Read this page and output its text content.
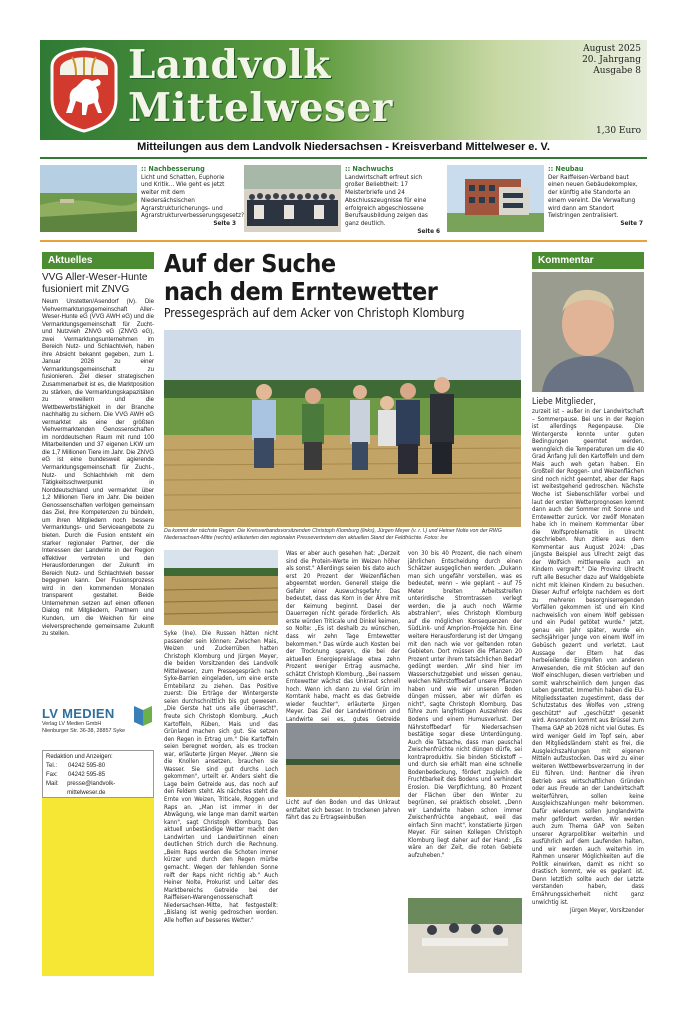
Landvolk
Mittelweser
August 2025
20. Jahrgang
Ausgabe 8
1,30 Euro
Mitteilungen aus dem Landvolk Niedersachsen - Kreisverband Mittelweser e. V.
:: Nachbesserung
Licht und Schatten, Euphorie und Kritik... Wie geht es jetzt weiter mit dem Niedersächsischen Agrarstrukturicherungs- und Agrarstrukturverbesserungsgesetz?
Seite 3
:: Nachwuchs
Landwirtschaft erfreut sich großer Beliebtheit: 17 Meisterbriefe und 24 Abschlusszeugnisse für eine erfolgreich abgeschlossene Berufsausbildung zeigen das ganz deutlich.
Seite 6
:: Neubau
Der Raiffeisen-Verband baut einen neuen Gebäudekomplex, der künftig alle Standorte an einem vereint. Die Verwaltung wird dann am Standort Twistringen zentralisiert.
Seite 7
Aktuelles
VVG Aller-Weser-Hunte fusioniert mit ZNVG
Neum Unstetten/Asendorf (lv). Die Viehvermarktungsgemeinschaft Aller-Weser-Hunte eG (VVG AWH eG) und die Vermarktungsgemeinschaft für Zucht- und Nutzvieh ZNVG eG (ZNVG eG), zwei Vermarktungsunternehmen im Bereich Nutz- und Schlachtvieh, haben ihre Absicht bekannt gegeben, zum 1. Januar 2026 zu einer Vermarktungsgemeinschaft zu fusionieren. Ziel dieser strategischen Zusammenarbeit ist es, die Marktposition zu stärken, die Vermarktungskapazitäten zu erweitern und die Wettbewerbsfähigkeit in der Branche nachhaltig zu sichern. Die VVG AWH eG vermarktet als eine der größten Viehvermarktenden Genossenschaften im norddeutschen Raum mit rund 100 Mitarbeitenden und 37 eigenen LKW um die 1,7 Millionen Tiere im Jahr. Die ZNVG eG ist eine bundesweit agierende Vermarktungsgemeinschaft für Zucht-, Nutz- und Schlachtvieh mit dem Tätigkeitsschwerpunkt in Norddeutschland und vermarktet über 1,2 Millionen Tiere im Jahr. Die beiden Genossenschaften verfolgen gemeinsam das Ziel, ihre Kompetenzen zu bündeln, um ihren Mitgliedern noch bessere Vermarktungs- und Serviceangebote zu bieten. Durch die Fusion entsteht ein starker regionaler Partner, der die Interessen der Landwirte in der Region effektiver vertreten und den Herausforderungen der Zukunft im Bereich Nutz- und Schlachtvieh besser begegnen kann. Der Fusionsprozess wird in den kommenden Monaten transparent gestaltet. Beide Unternehmen setzen auf einen offenen Dialog mit Mitgliedern, Partnern und Kunden, um die Weichen für eine vielversprechende gemeinsame Zukunft zu stellen.
LV MEDIEN
Verlag LV Medien GmbH
Nienburger Str. 36-38, 28857 Syke
Redaktion und Anzeigen:
Tel.:	04242 595-80
Fax:	04242 595-85
Mail:	presse@landvolk-mittelweser.de
Auf der Suche
nach dem Erntewetter
Pressegespräch auf dem Acker von Christoph Klomburg
Da kommt der nächste Regen: Die Kreisverbandsvorsitzenden Christoph Klomburg (links), Jürgen Meyer (v. r. l.) und Heiner Nolte von der RWG Niedersachsen-Mitte (rechts) erläuterten den regionalen Pressevertretern den aktuellen Stand der Feldfrüchte. Fotos: lne
Syke (lne). Die Russen hätten nicht passender sein können: Zwischen Mais, Weizen und Zuckerrüben hatten Christoph Klomburg und Jürgen Meyer, die beiden Vorsitzenden des Landvolk Mittelweser, zum Pressegespräch nach Syke-Barrien eingeladen, um eine erste Erntebilanz zu ziehen. Das Positive zuerst: Die Erträge der Wintergerste seien durchschnittlich bis gut gewesen. „Die Gerste hat uns alle überrascht", freute sich Christoph Klomburg. „Auch Kartoffeln, Rüben, Mais und das Grünland machen sich gut. Sie setzen den Regen in Ertrag um." Die Kartoffeln seien beregnet worden, als es trocken war, erläuterte Jürgen Meyer. „Wenn sie die Knollen ansetzen, brauchen sie Wasser. Sie sind gut durchs Loch gekommen", urteilt er. Anders sieht die Lage beim Getreide aus, das noch auf den Feldern steht. Als nächstes steht die Ernte von Weizen, Triticale, Roggen und Raps an. „Man ist immer in der Abwägung, wie lange man damit warten kann", sagt Christoph Klomburg. Das aktuell unbeständige Wetter macht den Landwirten und Landwirtinnen einen deutlichen Strich durch die Rechnung. „Beim Raps werden die Schoten immer kürzer und durch den Regen mürbe gemacht. Wegen der fehlenden Sonne reift der Raps nicht richtig ab." Auch Heiner Nolte, Prokurist und Leiter des Marktbereichs Getreide bei der Raiffeisen-Warengenossenschaft Niedersachsen-Mitte, hat festgestellt: „Bislang ist wenig gedroschen worden. Alle hoffen auf besseres Wetter."
Was er aber auch gesehen hat: „Derzeit sind die Protein-Werte im Weizen höher als sonst." Allerdings seien bis dato auch erst 20 Prozent der Weizenflächen abgeerntet worden. Generell steige die Gefahr einer Auswuchsgefahr. Das bedeutet, dass das Korn in der Ähre mit der Keimung beginnt. Dasei der Dauerregen nicht gerade förderlich. Als erste würden Triticale und Dinkel keimen, so Nolte: „Es ist deshalb zu wünschen, dass wir zehn Tage Erntewetter bekommen." Das würde auch Kosten bei der Trocknung sparen, die bei der aktuellen Energiepreislage etwa zehn Prozent weniger Ertrag ausmache, schätzt Christoph Klomburg. „Bei nassem Erntewetter wächst das Unkraut schnell hoch. Wenn ich dann zu viel Grün im Korntank habe, macht es das Getreide wieder feuchter", erläuterte Jürgen Meyer. Das Ziel der Landwirtinnen und Landwirte sei es, gutes Getreide Licht auf den Boden und das Unkraut entfaltet sich besser. In trockenen Jahren fährt das zu Ertragseinbußen
von 30 bis 40 Prozent, die nach einem jährlichen Entscheidung durch einen Schätzer ausgeglichen werden. „Dukann man sich ungefähr vorstellen, was es bedeutet, wenn – wie geplant – auf 75 Meter breiten Arbeitsstreifen unterirdische Stromtrassen verlegt werden, die ja auch noch Wärme abstrahlen", wies Christoph Klomburg auf die möglichen Konsequenzen der SüdLink- und Amprion-Projekte hin. Eine weitere Herausforderung ist der Umgang mit den nach wie vor geltenden roten Gebieten. Dort müssen die Pflanzen 20 Prozent unter ihrem tatsächlichen Bedarf gedüngt werden. „Wir sind hier im Wasserschutzgebiet und wissen genau, welchen Nährstoffbedarf unsere Pflanzen haben und wie wir unseren Boden düngen müssen, aber wir dürfen es nicht", sagte Christoph Klomburg. Das führe zum langfristigen Auszehren des Bodens und einem Humusverlust. Der Nährstoffbedarf für Niedersachsen bestätige sogar diese Unterdüngung. Auch die Tatsache, dass man pauschal Zwischenfrüchte nicht düngen dürfe, sei kontraproduktiv. Sie binden Stickstoff – und durch sie erhält man eine schnelle Bodenbedeckung, fördert zugleich die Fruchtbarkeit des Bodens und verhindert Erosion. Die Verpflichtung, 80 Prozent der Flächen über den Winter zu begrünen, sei praktisch obsolet. „Denn wir Landwirte haben schon immer Zwischenfrüchte angebaut, weil das einfach Sinn macht", konstatierte Jürgen Meyer. Für seinen Kollegen Christoph Klomburg liegt daher auf der Hand: „Es wäre an der Zeit, die roten Gebiete aufzuheben."
Kommentar
Liebe Mitglieder,
zurzeit ist – außer in der Landwirtschaft – Sommerpause. Bei uns in der Region ist allerdings Regenpause. Die Wintergerste konnte unter guten Bedingungen geerntet werden, wenngleich die Temperaturen um die 40 Grad Anfang Juli den Kartoffeln und dem Mais auch weh getan haben. Ein Großteil der Roggen- und Weizenflächen sind noch nicht geerntet, aber der Raps ist weitestgehend gedroschen. Nächste Woche ist Siebenschläfer vorbei und laut der ersten Wetterprognosen kommt dann auch der Sommer mit Sonne und Erntewetter zurück. Vor zwölf Monaten habe ich in meinem Kommentar über die Wolfsproblematik in Ulrecht geschrieben. Nun zitiere aus dem Kommentar aus August 2024: „Das jüngste Beispiel aus Ulrecht zeigt das der Wolfsich mittlerweile auch an Kindern vergreift." Die Provinz Ulrecht ruft alle Besucher dazu auf Waldgebiete nicht mit kleinen Kindern zu besuchen. Dieser Aufruf erfolgte nachdem es dort zu mehreren besorgniserregenden Vorfällen gekommen ist und ein Kind nachweislich von einem Wolf gebissen und ein Pudel getötet wurde." Jetzt, genau ein Jahr später, wurde ein sechsjähriger Junge von einem Wolf im Gebüsch gezerrt und verletzt. Laut Aussage der Eltern hat das herbeieilende Eingreifen von anderen Anwesenden, die mit Stöcken auf den Wolf einschlugen, diesen vertrieben und somit wahrscheinlich dem Jungen das Leben gerettet. Immerhin haben die EU-Mitgliedsstaaten zugestimmt, dass der Schutzstatus des Wolfes von „streng geschützt" auf „geschützt" gesenkt wird. Ansonsten kommt aus Brüssel zum Thema GAP ab 2028 nicht viel Gutes. Es wird weniger Geld im Topf sein, aber den Mitgliedsländern steht es frei, die Ausgleichszahlungen mit eigenen Mitteln aufzustocken. Das wird zu einer weiteren Wettbewerbsverzerrung in der EU führen. Und: Rentner die ihren Betrieb aus wirtschaftlichen Gründen oder aus Freude an der Landwirtschaft weiterführen, sollen keine Ausgleichszahlungen mehr bekommen. Dafür wiederum sollen Junglandwirte mehr gefördert werden. Wir werden auch zum Thema GAP von Seiten unserer Agrarpolitiker weiterhin und ausführlich auf dem Laufenden halten, und wir werden auch weiterhin im Rahmen unserer Möglichkeiten auf die Politik einwirken, damit es nicht so drastisch kommt, wie es geplant ist. Denn letztlich sollte auch der Letzte verstanden haben, dass Ernährungssicherheit nicht ganz unwichtig ist.
Jürgen Meyer, Vorsitzender
